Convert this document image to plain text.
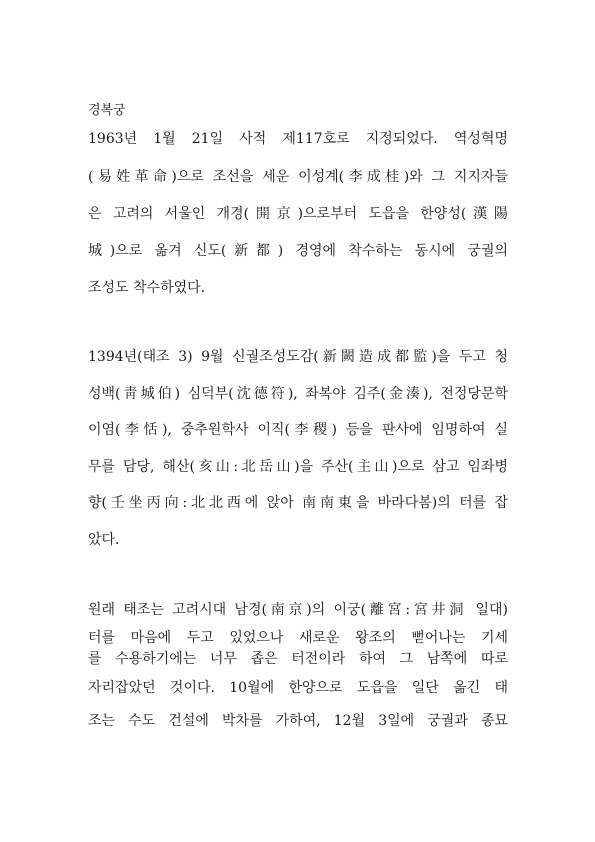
경복궁
1963년 1월 21일 사적 제117호로 지정되었다. 역성혁명
(易姓革命)으로 조선을 세운 이성계(李成桂)와 그 지지자들
은 고려의 서울인 개경(開京)으로부터 도읍을 한양성(漢陽
城)으로 옮겨 신도(新都) 경영에 착수하는 동시에 궁궐의
조성도 착수하였다.
1394년(태조 3) 9월 신궐조성도감(新闕造成都監)을 두고 청
성백(靑城伯) 심덕부(沈德符), 좌복야 김주(金湊), 전정당문학
이염(李恬), 중추원학사 이직(李稷) 등을 판사에 임명하여 실
무를 담당, 해산(亥山:北岳山)을 주산(主山)으로 삼고 임좌병
향(壬坐丙向:北北西에 앉아 南南東을 바라다봄)의 터를 잡
았다.
원래 태조는 고려시대 남경(南京)의 이궁(離宮:宮井洞 일대)
터를 마음에 두고 있었으나 새로운 왕조의 뻗어나는 기세
를 수용하기에는 너무 좁은 터전이라 하여 그 남쪽에 따로
자리잡았던 것이다. 10월에 한양으로 도읍을 일단 옮긴 태
조는 수도 건설에 박차를 가하여, 12월 3일에 궁궐과 종묘
